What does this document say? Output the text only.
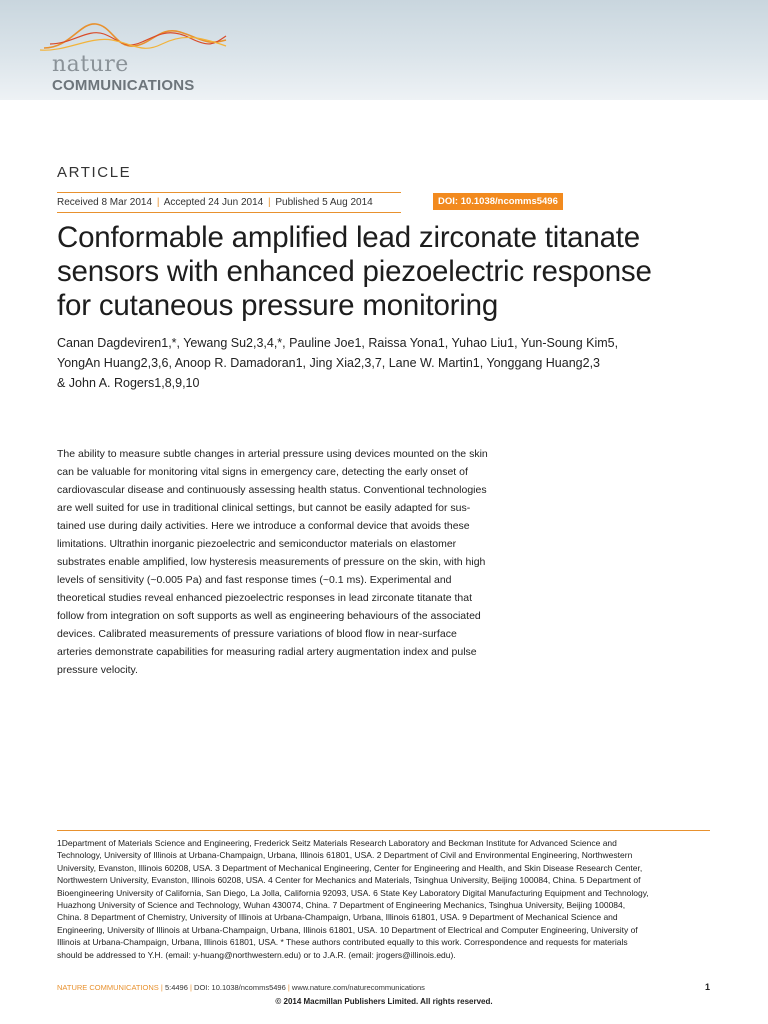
nature
COMMUNICATIONS
ARTICLE
Received 8 Mar 2014 | Accepted 24 Jun 2014 | Published 5 Aug 2014	DOI: 10.1038/ncomms5496
Conformable amplified lead zirconate titanate
sensors with enhanced piezoelectric response
for cutaneous pressure monitoring
Canan Dagdeviren1,*, Yewang Su2,3,4,*, Pauline Joe1, Raissa Yona1, Yuhao Liu1, Yun-Soung Kim5,
YongAn Huang2,3,6, Anoop R. Damadoran1, Jing Xia2,3,7, Lane W. Martin1, Yonggang Huang2,3
& John A. Rogers1,8,9,10
The ability to measure subtle changes in arterial pressure using devices mounted on the skin
can be valuable for monitoring vital signs in emergency care, detecting the early onset of
cardiovascular disease and continuously assessing health status. Conventional technologies
are well suited for use in traditional clinical settings, but cannot be easily adapted for sus-
tained use during daily activities. Here we introduce a conformal device that avoids these
limitations. Ultrathin inorganic piezoelectric and semiconductor materials on elastomer
substrates enable amplified, low hysteresis measurements of pressure on the skin, with high
levels of sensitivity (~0.005 Pa) and fast response times (~0.1 ms). Experimental and
theoretical studies reveal enhanced piezoelectric responses in lead zirconate titanate that
follow from integration on soft supports as well as engineering behaviours of the associated
devices. Calibrated measurements of pressure variations of blood flow in near-surface
arteries demonstrate capabilities for measuring radial artery augmentation index and pulse
pressure velocity.
1Department of Materials Science and Engineering, Frederick Seitz Materials Research Laboratory and Beckman Institute for Advanced Science and
Technology, University of Illinois at Urbana-Champaign, Urbana, Illinois 61801, USA. 2 Department of Civil and Environmental Engineering, Northwestern
University, Evanston, Illinois 60208, USA. 3 Department of Mechanical Engineering, Center for Engineering and Health, and Skin Disease Research Center,
Northwestern University, Evanston, Illinois 60208, USA. 4 Center for Mechanics and Materials, Tsinghua University, Beijing 100084, China. 5 Department of
Bioengineering University of California, San Diego, La Jolla, California 92093, USA. 6 State Key Laboratory Digital Manufacturing Equipment and Technology,
Huazhong University of Science and Technology, Wuhan 430074, China. 7 Department of Engineering Mechanics, Tsinghua University, Beijing 100084,
China. 8 Department of Chemistry, University of Illinois at Urbana-Champaign, Urbana, Illinois 61801, USA. 9 Department of Mechanical Science and
Engineering, University of Illinois at Urbana-Champaign, Urbana, Illinois 61801, USA. 10 Department of Electrical and Computer Engineering, University of
Illinois at Urbana-Champaign, Urbana, Illinois 61801, USA. * These authors contributed equally to this work. Correspondence and requests for materials
should be addressed to Y.H. (email: y-huang@northwestern.edu) or to J.A.R. (email: jrogers@illinois.edu).
NATURE COMMUNICATIONS | 5:4496 | DOI: 10.1038/ncomms5496 | www.nature.com/naturecommunications	1
© 2014 Macmillan Publishers Limited. All rights reserved.
